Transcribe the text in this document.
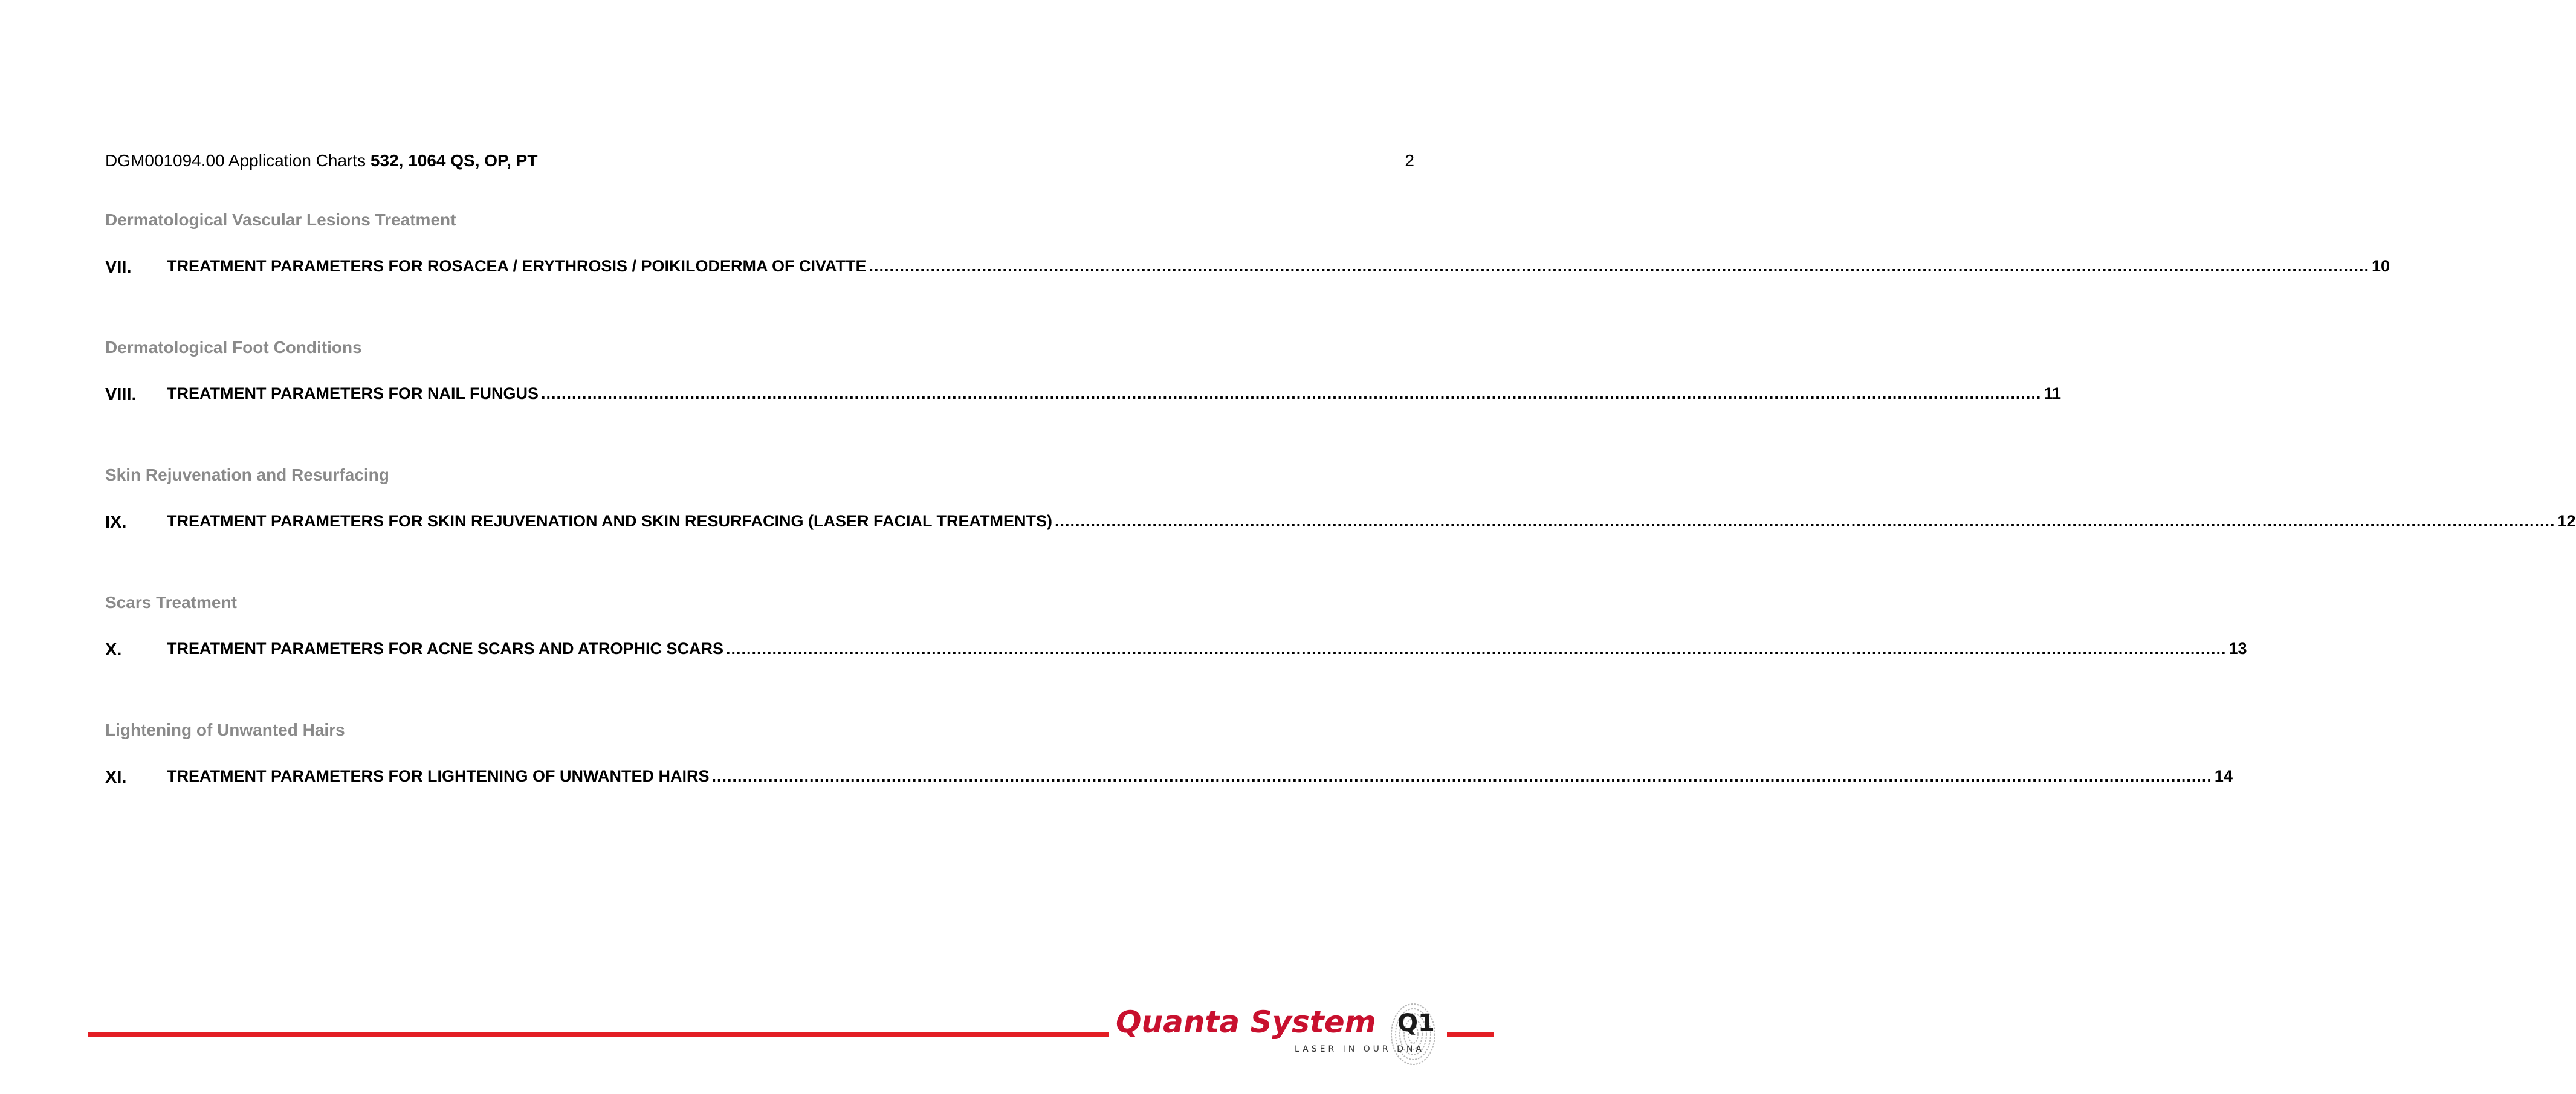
DGM001094.00 Application Charts 532, 1064 QS, OP, PT	2
Dermatological Vascular Lesions Treatment
VII. TREATMENT PARAMETERS FOR ROSACEA / ERYTHROSIS / POIKILODERMA OF CIVATTE .................................................................................................................................................................................................................................................................................................... 10
Dermatological Foot Conditions
VIII. TREATMENT PARAMETERS FOR NAIL FUNGUS .................................................................................................................................................................................................................................................................................................... 11
Skin Rejuvenation and Resurfacing
IX. TREATMENT PARAMETERS FOR SKIN REJUVENATION AND SKIN RESURFACING (LASER FACIAL TREATMENTS) .................................................................................................................................................................................................................................................................................................... 12
Scars Treatment
X.	TREATMENT PARAMETERS FOR ACNE SCARS AND ATROPHIC SCARS .................................................................................................................................................................................................................................................................................................... 13
Lightening of Unwanted Hairs
XI. TREATMENT PARAMETERS FOR LIGHTENING OF UNWANTED HAIRS .................................................................................................................................................................................................................................................................................................... 14
Quanta System Q1
LASER IN OUR DNA
